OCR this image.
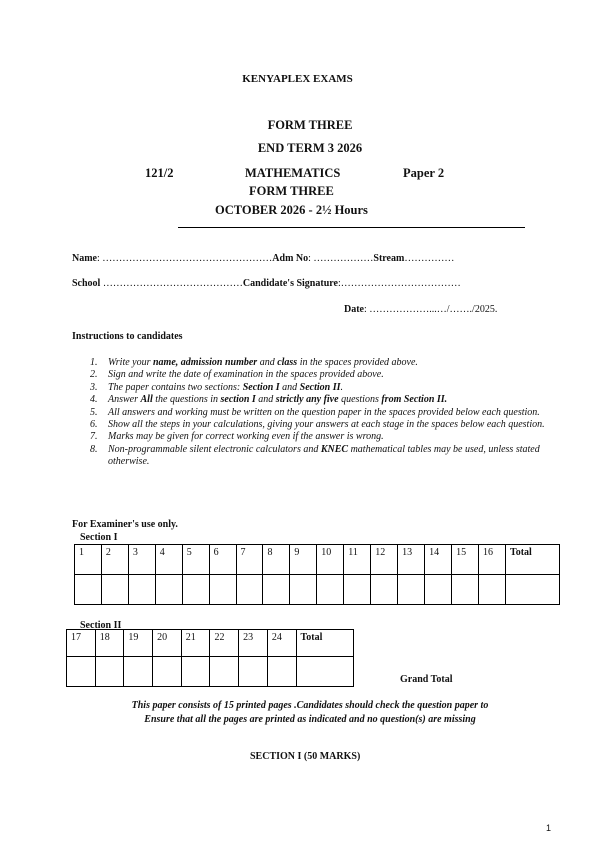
KENYAPLEX EXAMS
FORM THREE
END TERM 3 2026
121/2	MATHEMATICS	Paper 2
FORM THREE
OCTOBER 2026 - 2½ Hours
Name: ……………………………………………Adm No: ………………Stream……………
School ……………………………………Candidate's Signature:………………………………
Date: ………………...…/……./2025.
Instructions to candidates
1. Write your name, admission number and class in the spaces provided above.
2. Sign and write the date of examination in the spaces provided above.
3. The paper contains two sections: Section I and Section II.
4. Answer All the questions in section I and strictly any five questions from Section II.
5. All answers and working must be written on the question paper in the spaces provided below each question.
6. Show all the steps in your calculations, giving your answers at each stage in the spaces below each question.
7. Marks may be given for correct working even if the answer is wrong.
8. Non-programmable silent electronic calculators and KNEC mathematical tables may be used, unless stated otherwise.
For Examiner's use only.
Section I
1	2	3	4	5	6	7	8	9	10	11	12	13	14	15	16	Total

Section II
17	18	19	20	21	22	23	24	Total

Grand Total
This paper consists of 15 printed pages .Candidates should check the question paper to
Ensure that all the pages are printed as indicated and no question(s) are missing
SECTION I (50 MARKS)
1
